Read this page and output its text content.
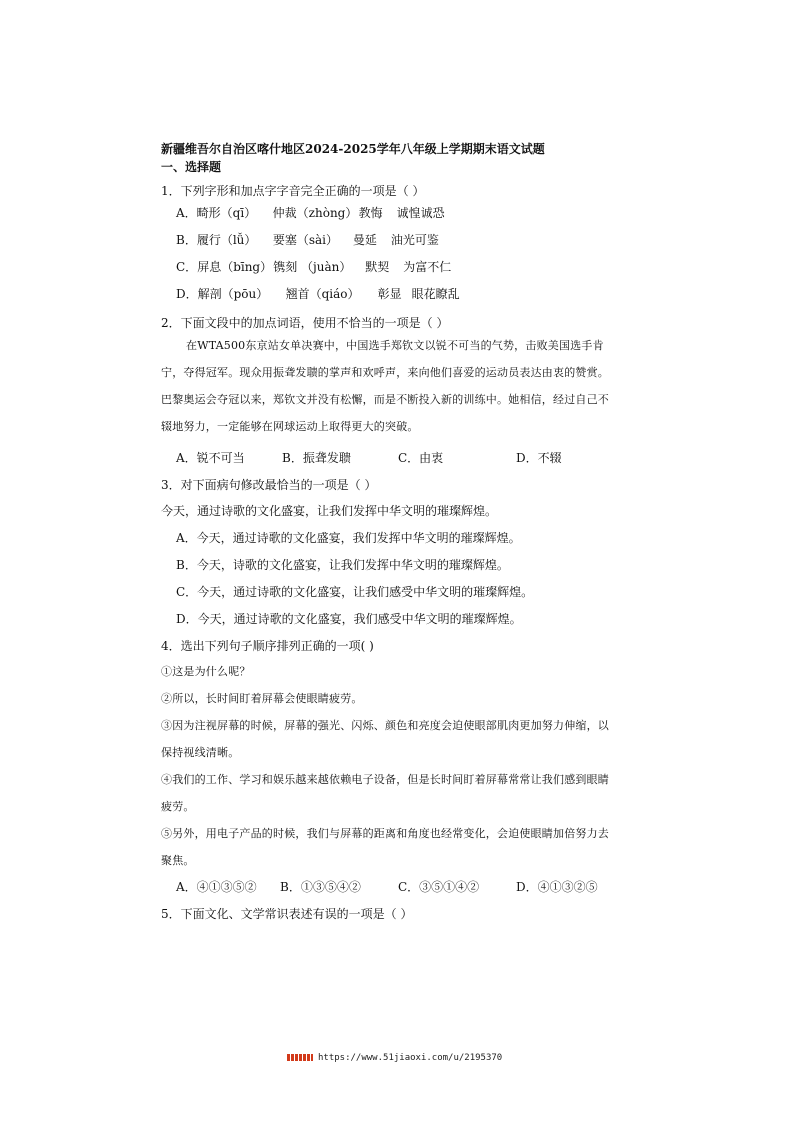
新疆维吾尔自治区喀什地区2024-2025学年八年级上学期期末语文试题
一、选择题
1．下列字形和加点字字音完全正确的一项是（ ）
A．畸形（qī） 仲裁（zhòng）教悔 诚惶诚恐
B．履行（lǚ） 要塞（sài） 曼延 油光可鉴
C．屏息（bīng）镌刻 （juàn） 默契 为富不仁
D．解剖（pōu） 翘首（qiáo） 彰显 眼花瞭乱
2．下面文段中的加点词语，使用不恰当的一项是（ ）
在WTA500东京站女单决赛中，中国选手郑钦文以锐不可当的气势，击败美国选手肯
宁，夺得冠军。现众用振聋发聩的掌声和欢呼声，来向他们喜爱的运动员表达由衷的赞赏。
巴黎奥运会夺冠以来，郑钦文并没有松懈，而是不断投入新的训练中。她相信，经过自己不
辍地努力，一定能够在网球运动上取得更大的突破。
A．锐不可当	B．振聋发聩	C．由衷	D．不辍
3．对下面病句修改最恰当的一项是（ ）
今天，通过诗歌的文化盛宴，让我们发挥中华文明的璀璨辉煌。
A．今天，通过诗歌的文化盛宴，我们发挥中华文明的璀璨辉煌。
B．今天，诗歌的文化盛宴，让我们发挥中华文明的璀璨辉煌。
C．今天，通过诗歌的文化盛宴，让我们感受中华文明的璀璨辉煌。
D．今天，通过诗歌的文化盛宴，我们感受中华文明的璀璨辉煌。
4．选出下列句子顺序排列正确的一项( )
①这是为什么呢？
②所以，长时间盯着屏幕会使眼睛疲劳。
③因为注视屏幕的时候，屏幕的强光、闪烁、颜色和亮度会迫使眼部肌肉更加努力伸缩，以
保持视线清晰。
④我们的工作、学习和娱乐越来越依赖电子设备，但是长时间盯着屏幕常常让我们感到眼睛
疲劳。
⑤另外，用电子产品的时候，我们与屏幕的距离和角度也经常变化，会迫使眼睛加倍努力去
聚焦。
A．④①③⑤② B．①③⑤④②	C．③⑤①④②	D．④①③②⑤
5．下面文化、文学常识表述有误的一项是（ ）
https://www.51jiaoxi.com/u/2195370
